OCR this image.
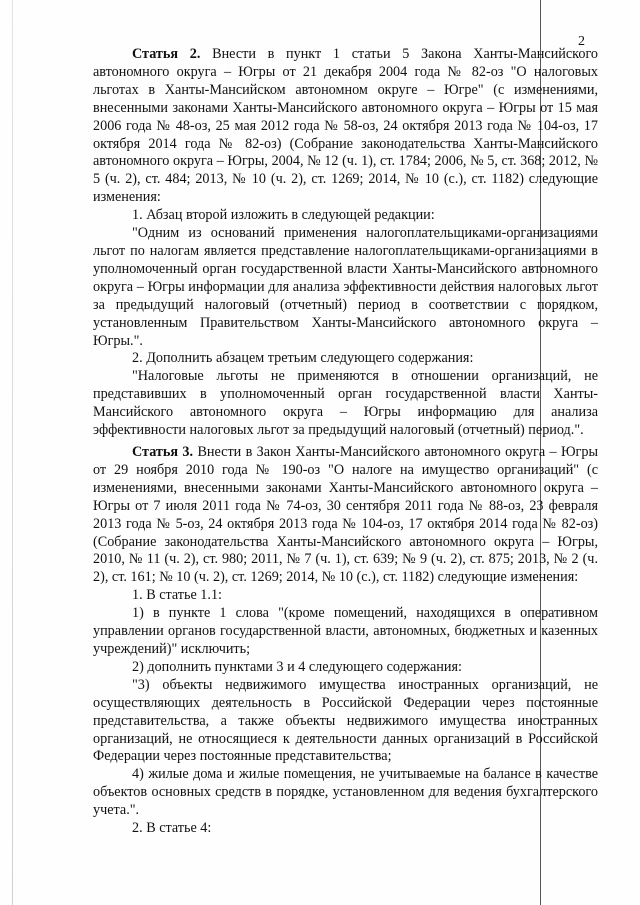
2

Статья 2. Внести в пункт 1 статьи 5 Закона Ханты-Мансийского автономного округа – Югры от 21 декабря 2004 года № 82-оз "О налоговых льготах в Ханты-Мансийском автономном округе – Югре" (с изменениями, внесенными законами Ханты-Мансийского автономного округа – Югры от 15 мая 2006 года № 48-оз, 25 мая 2012 года № 58-оз, 24 октября 2013 года № 104-оз, 17 октября 2014 года № 82-оз) (Собрание законодательства Ханты-Мансийского автономного округа – Югры, 2004, № 12 (ч. 1), ст. 1784; 2006, № 5, ст. 368; 2012, № 5 (ч. 2), ст. 484; 2013, № 10 (ч. 2), ст. 1269; 2014, № 10 (с.), ст. 1182) следующие изменения:

1. Абзац второй изложить в следующей редакции:

"Одним из оснований применения налогоплательщиками-организациями льгот по налогам является представление налогоплательщиками-организациями в уполномоченный орган государственной власти Ханты-Мансийского автономного округа – Югры информации для анализа эффективности действия налоговых льгот за предыдущий налоговый (отчетный) период в соответствии с порядком, установленным Правительством Ханты-Мансийского автономного округа – Югры.".

2. Дополнить абзацем третьим следующего содержания:

"Налоговые льготы не применяются в отношении организаций, не представивших в уполномоченный орган государственной власти Ханты-Мансийского автономного округа – Югры информацию для анализа эффективности налоговых льгот за предыдущий налоговый (отчетный) период.".

Статья 3. Внести в Закон Ханты-Мансийского автономного округа – Югры от 29 ноября 2010 года № 190-оз "О налоге на имущество организаций" (с изменениями, внесенными законами Ханты-Мансийского автономного округа – Югры от 7 июля 2011 года № 74-оз, 30 сентября 2011 года № 88-оз, 23 февраля 2013 года № 5-оз, 24 октября 2013 года № 104-оз, 17 октября 2014 года № 82-оз) (Собрание законодательства Ханты-Мансийского автономного округа – Югры, 2010, № 11 (ч. 2), ст. 980; 2011, № 7 (ч. 1), ст. 639; № 9 (ч. 2), ст. 875; 2013, № 2 (ч. 2), ст. 161; № 10 (ч. 2), ст. 1269; 2014, № 10 (с.), ст. 1182) следующие изменения:

1. В статье 1.1:

1) в пункте 1 слова "(кроме помещений, находящихся в оперативном управлении органов государственной власти, автономных, бюджетных и казенных учреждений)" исключить;

2) дополнить пунктами 3 и 4 следующего содержания:

"3) объекты недвижимого имущества иностранных организаций, не осуществляющих деятельность в Российской Федерации через постоянные представительства, а также объекты недвижимого имущества иностранных организаций, не относящиеся к деятельности данных организаций в Российской Федерации через постоянные представительства;

4) жилые дома и жилые помещения, не учитываемые на балансе в качестве объектов основных средств в порядке, установленном для ведения бухгалтерского учета.".

2. В статье 4:
